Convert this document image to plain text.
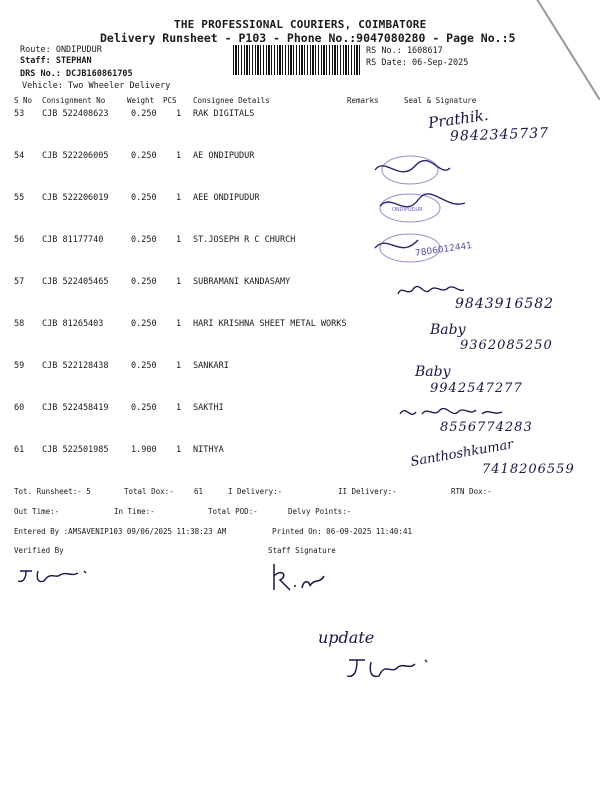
THE PROFESSIONAL COURIERS, COIMBATORE
Delivery Runsheet - P103 - Phone No.:9047080280 - Page No.:5
Route: ONDIPUDUR
Staff: STEPHAN
DRS No.: DCJB160861705
Vehicle: Two Wheeler Delivery
RS No.: 1608617
RS Date: 06-Sep-2025
S No Consignment No	Weight PCS Consignee Details	Remarks	Seal & Signature
53 CJB 522408623	0.250 1 RAK DIGITALS
54 CJB 522206005	0.250 1 AE ONDIPUDUR
55 CJB 522206019	0.250 1 AEE ONDIPUDUR
56 CJB 81177740	0.250 1 ST.JOSEPH R C CHURCH
57 CJB 522405465	0.250 1 SUBRAMANI KANDASAMY
58 CJB 81265403	0.250 1 HARI KRISHNA SHEET METAL WORKS
59 CJB 522128438	0.250 1 SANKARI
60 CJB 522458419	0.250 1 SAKTHI
61 CJB 522501985	1.900 1 NITHYA
Prathik.
9842345737
ONDIPUDUR
7806012441
9843916582
Baby
9362085250
Baby
9942547277
8556774283
Santhoshkumar
7418206559
Tot. Runsheet:- 5	Total Dox:-	61	I Delivery:-	II Delivery:-	RTN Dox:-
Out Time:-	In Time:-	Total POD:-	Delvy Points:-
Entered By :AMSAVENIP103 09/06/2025 11:38:23 AM	Printed On: 06-09-2025 11:40:41
Verified By	Staff Signature
update
